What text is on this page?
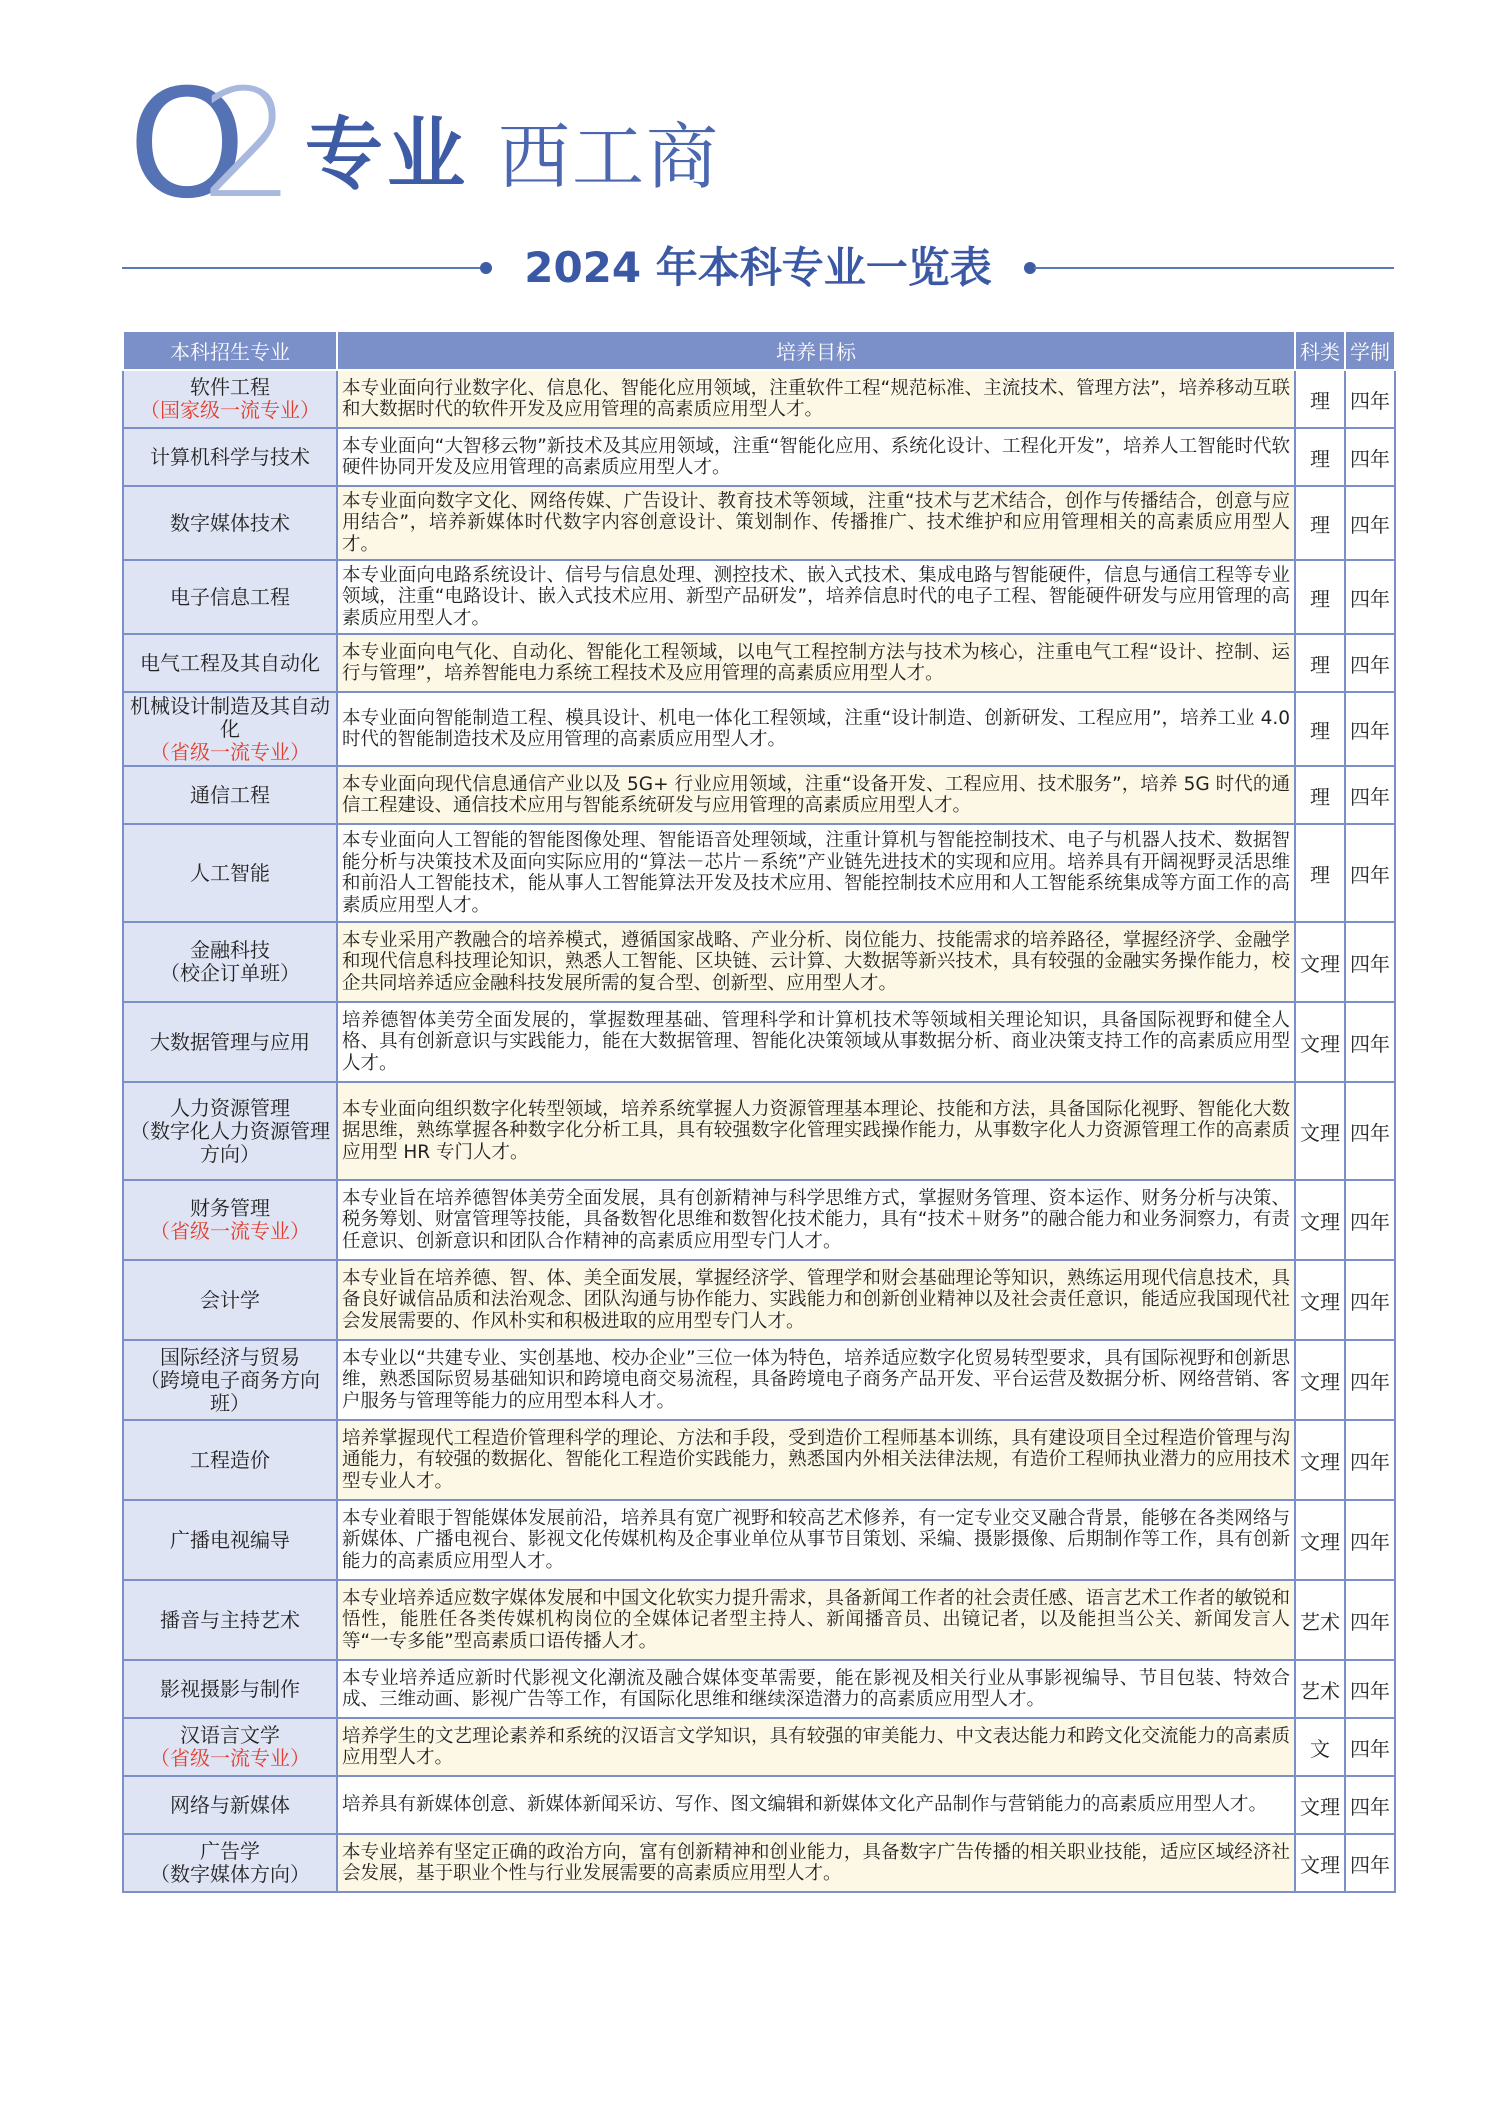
O
2 专业 西工商
2024 年本科专业一览表
本科招生专业	培养目标	科类	学制
软件工程
（国家级一流专业）	本专业面向行业数字化、信息化、智能化应用领域，注重软件工程“规范标准、主流技术、管理方法”，培养移动互联和大数据时代的软件开发及应用管理的高素质应用型人才。	理	四年
计算机科学与技术	本专业面向“大智移云物”新技术及其应用领域，注重“智能化应用、系统化设计、工程化开发”，培养人工智能时代软硬件协同开发及应用管理的高素质应用型人才。	理	四年
数字媒体技术	本专业面向数字文化、网络传媒、广告设计、教育技术等领域，注重“技术与艺术结合，创作与传播结合，创意与应用结合”，培养新媒体时代数字内容创意设计、策划制作、传播推广、技术维护和应用管理相关的高素质应用型人才。	理	四年
电子信息工程	本专业面向电路系统设计、信号与信息处理、测控技术、嵌入式技术、集成电路与智能硬件，信息与通信工程等专业领域，注重“电路设计、嵌入式技术应用、新型产品研发”，培养信息时代的电子工程、智能硬件研发与应用管理的高素质应用型人才。	理	四年
电气工程及其自动化	本专业面向电气化、自动化、智能化工程领域，以电气工程控制方法与技术为核心，注重电气工程“设计、控制、运行与管理”，培养智能电力系统工程技术及应用管理的高素质应用型人才。	理	四年
机械设计制造及其自动化
（省级一流专业）	本专业面向智能制造工程、模具设计、机电一体化工程领域，注重“设计制造、创新研发、工程应用”，培养工业 4.0 时代的智能制造技术及应用管理的高素质应用型人才。	理	四年
通信工程	本专业面向现代信息通信产业以及 5G+ 行业应用领域，注重“设备开发、工程应用、技术服务”，培养 5G 时代的通信工程建设、通信技术应用与智能系统研发与应用管理的高素质应用型人才。	理	四年
人工智能	本专业面向人工智能的智能图像处理、智能语音处理领域，注重计算机与智能控制技术、电子与机器人技术、数据智能分析与决策技术及面向实际应用的“算法－芯片－系统”产业链先进技术的实现和应用。培养具有开阔视野灵活思维和前沿人工智能技术，能从事人工智能算法开发及技术应用、智能控制技术应用和人工智能系统集成等方面工作的高素质应用型人才。	理	四年
金融科技
（校企订单班）	本专业采用产教融合的培养模式，遵循国家战略、产业分析、岗位能力、技能需求的培养路径，掌握经济学、金融学和现代信息科技理论知识，熟悉人工智能、区块链、云计算、大数据等新兴技术，具有较强的金融实务操作能力，校企共同培养适应金融科技发展所需的复合型、创新型、应用型人才。	文理	四年
大数据管理与应用	培养德智体美劳全面发展的，掌握数理基础、管理科学和计算机技术等领域相关理论知识，具备国际视野和健全人格、具有创新意识与实践能力，能在大数据管理、智能化决策领域从事数据分析、商业决策支持工作的高素质应用型人才。	文理	四年
人力资源管理
（数字化人力资源管理方向）	本专业面向组织数字化转型领域，培养系统掌握人力资源管理基本理论、技能和方法，具备国际化视野、智能化大数据思维，熟练掌握各种数字化分析工具，具有较强数字化管理实践操作能力，从事数字化人力资源管理工作的高素质应用型 HR 专门人才。	文理	四年
财务管理
（省级一流专业）	本专业旨在培养德智体美劳全面发展，具有创新精神与科学思维方式，掌握财务管理、资本运作、财务分析与决策、税务筹划、财富管理等技能，具备数智化思维和数智化技术能力，具有“技术＋财务”的融合能力和业务洞察力，有责任意识、创新意识和团队合作精神的高素质应用型专门人才。	文理	四年
会计学	本专业旨在培养德、智、体、美全面发展，掌握经济学、管理学和财会基础理论等知识，熟练运用现代信息技术，具备良好诚信品质和法治观念、团队沟通与协作能力、实践能力和创新创业精神以及社会责任意识，能适应我国现代社会发展需要的、作风朴实和积极进取的应用型专门人才。	文理	四年
国际经济与贸易
（跨境电子商务方向班）	本专业以“共建专业、实创基地、校办企业”三位一体为特色，培养适应数字化贸易转型要求，具有国际视野和创新思维，熟悉国际贸易基础知识和跨境电商交易流程，具备跨境电子商务产品开发、平台运营及数据分析、网络营销、客户服务与管理等能力的应用型本科人才。	文理	四年
工程造价	培养掌握现代工程造价管理科学的理论、方法和手段，受到造价工程师基本训练，具有建设项目全过程造价管理与沟通能力，有较强的数据化、智能化工程造价实践能力，熟悉国内外相关法律法规，有造价工程师执业潜力的应用技术型专业人才。	文理	四年
广播电视编导	本专业着眼于智能媒体发展前沿，培养具有宽广视野和较高艺术修养，有一定专业交叉融合背景，能够在各类网络与新媒体、广播电视台、影视文化传媒机构及企事业单位从事节目策划、采编、摄影摄像、后期制作等工作，具有创新能力的高素质应用型人才。	文理	四年
播音与主持艺术	本专业培养适应数字媒体发展和中国文化软实力提升需求，具备新闻工作者的社会责任感、语言艺术工作者的敏锐和悟性，能胜任各类传媒机构岗位的全媒体记者型主持人、新闻播音员、出镜记者，以及能担当公关、新闻发言人等“一专多能”型高素质口语传播人才。	艺术	四年
影视摄影与制作	本专业培养适应新时代影视文化潮流及融合媒体变革需要，能在影视及相关行业从事影视编导、节目包装、特效合成、三维动画、影视广告等工作，有国际化思维和继续深造潜力的高素质应用型人才。	艺术	四年
汉语言文学
（省级一流专业）	培养学生的文艺理论素养和系统的汉语言文学知识，具有较强的审美能力、中文表达能力和跨文化交流能力的高素质应用型人才。	文	四年
网络与新媒体	培养具有新媒体创意、新媒体新闻采访、写作、图文编辑和新媒体文化产品制作与营销能力的高素质应用型人才。	文理	四年
广告学
（数字媒体方向）	本专业培养有坚定正确的政治方向，富有创新精神和创业能力，具备数字广告传播的相关职业技能，适应区域经济社会发展，基于职业个性与行业发展需要的高素质应用型人才。	文理	四年
